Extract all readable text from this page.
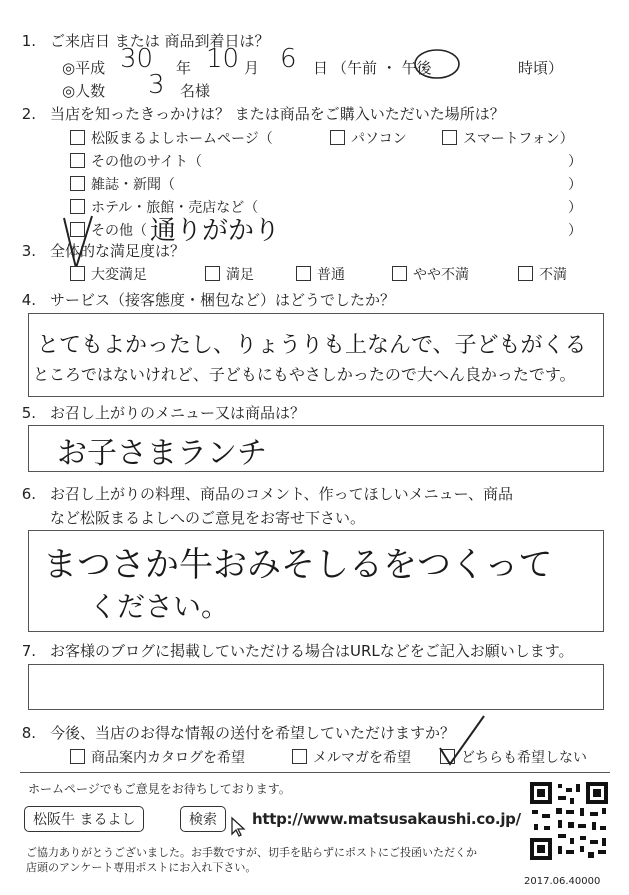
1. ご来店日 または 商品到着日は？
◎平成 30 年 10 月 6 日 （午前 ・ 午後	時頃）
◎人数 3 名様
2. 当店を知ったきっかけは？ または商品をご購入いただいた場所は？
松阪まるよしホームページ（	パソコン	スマートフォン）
その他のサイト（	）
雑誌・新聞（	）
ホテル・旅館・売店など（	）
その他（	）
通りがかり
3. 全体的な満足度は？
大変満足	満足	普通	やや不満	不満
4. サービス（接客態度・梱包など）はどうでしたか？
とてもよかったし、りょうりも上なんで、子どもがくる
ところではないけれど、子どもにもやさしかったので大へん良かったです。
5. お召し上がりのメニュー又は商品は？
お子さまランチ
6. お召し上がりの料理、商品のコメント、作ってほしいメニュー、商品
など松阪まるよしへのご意見をお寄せ下さい。
まつさか牛おみそしるをつくって
ください。
7. お客様のブログに掲載していただける場合はURLなどをご記入お願いします。
8. 今後、当店のお得な情報の送付を希望していただけますか？
商品案内カタログを希望	メルマガを希望	どちらも希望しない
ホームページでもご意見をお待ちしております。
松阪牛 まるよし	検索	http://www.matsusakaushi.co.jp/
ご協力ありがとうございました。お手数ですが、切手を貼らずにポストにご投函いただくか
店頭のアンケート専用ポストにお入れ下さい。
2017.06.40000
